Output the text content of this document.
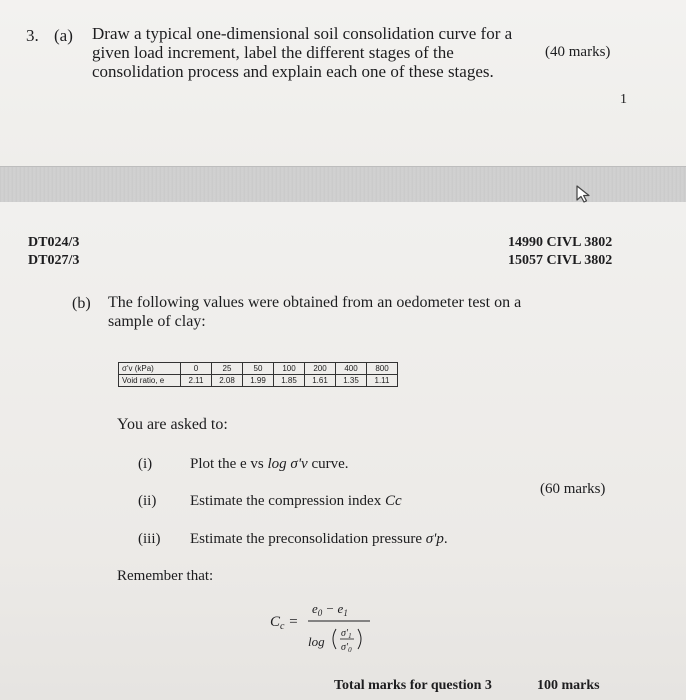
3. (a) Draw a typical one-dimensional soil consolidation curve for a given load increment, label the different stages of the consolidation process and explain each one of these stages.
(40 marks)
1
DT024/3
DT027/3
14990 CIVL 3802
15057 CIVL 3802
(b) The following values were obtained from an oedometer test on a sample of clay:
σ'v (kPa)	0	25	50	100	200	400	800
Void ratio, e	2.11	2.08	1.99	1.85	1.61	1.35	1.11
You are asked to:
(i)	Plot the e vs log σ'v curve.
(ii) Estimate the compression index Cc
(iii) Estimate the preconsolidation pressure σ'p.
(60 marks)
Remember that:
$C_c$ =
$e_0 - e_1$
log
$\sigma'_1$
$\sigma'_0$
Total marks for question 3	100 marks
